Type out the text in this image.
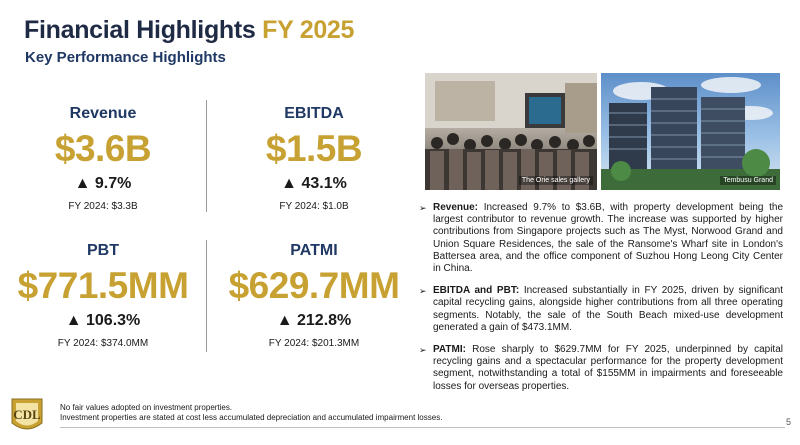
Financial Highlights FY 2025
Key Performance Highlights
Revenue
$3.6B
▲ 9.7%
FY 2024: $3.3B
EBITDA
$1.5B
▲ 43.1%
FY 2024: $1.0B
PBT
$771.5MM
▲ 106.3%
FY 2024: $374.0MM
PATMI
$629.7MM
▲ 212.8%
FY 2024: $201.3MM
The Orie sales gallery	Tembusu Grand
➢ Revenue: Increased 9.7% to $3.6B, with property development being the largest contributor to revenue growth. The increase was supported by higher contributions from Singapore projects such as The Myst, Norwood Grand and Union Square Residences, the sale of the Ransome's Wharf site in London's Battersea area, and the office component of Suzhou Hong Leong City Center in China.
➢ EBITDA and PBT: Increased substantially in FY 2025, driven by significant capital recycling gains, alongside higher contributions from all three operating segments. Notably, the sale of the South Beach mixed-use development generated a gain of $473.1MM.
➢ PATMI: Rose sharply to $629.7MM for FY 2025, underpinned by capital recycling gains and a spectacular performance for the property development segment, notwithstanding a total of $155MM in impairments and foreseeable losses for overseas properties.
CDL No fair values adopted on investment properties.
Investment properties are stated at cost less accumulated depreciation and accumulated impairment losses.	5
